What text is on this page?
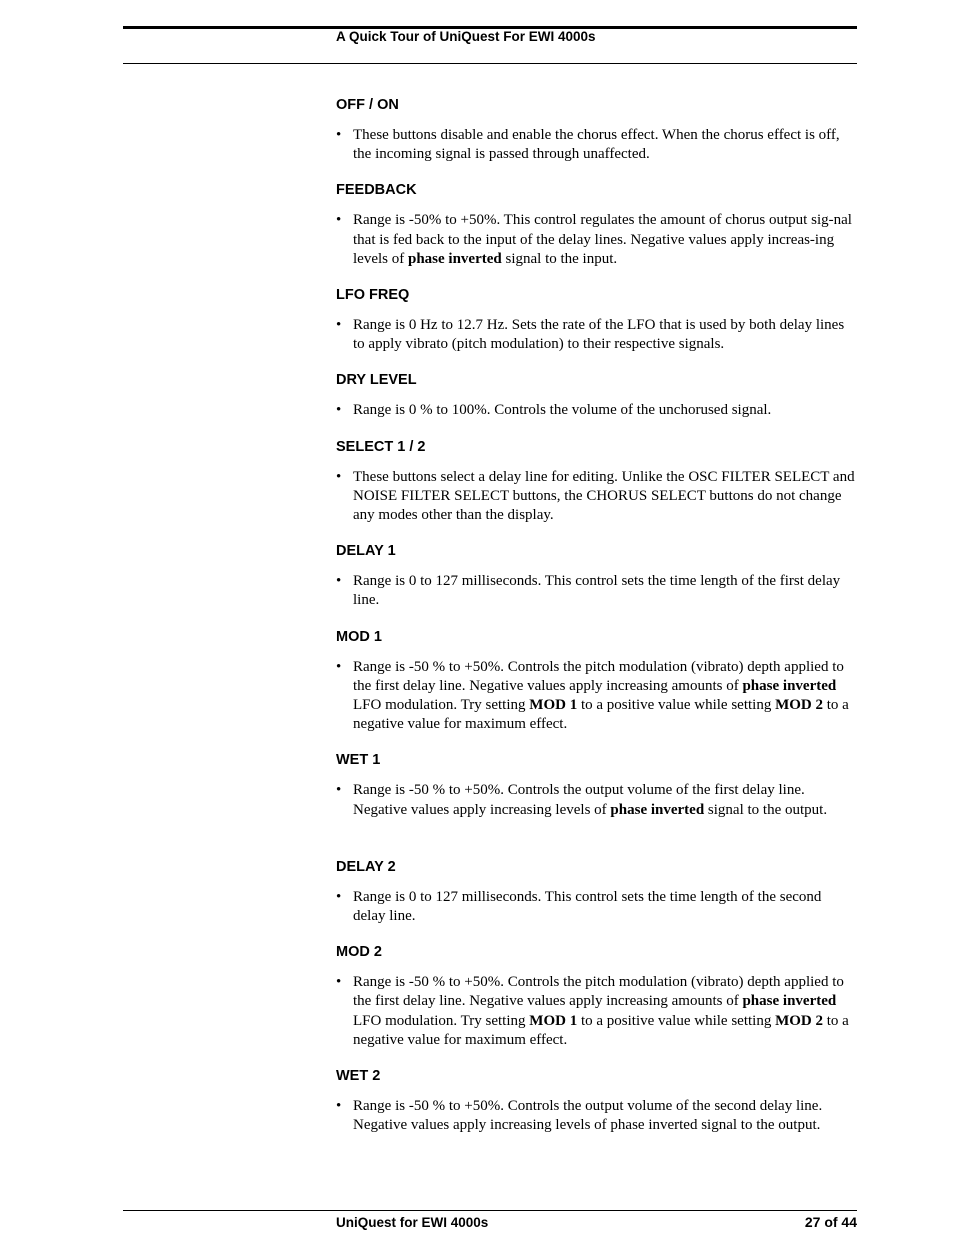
A Quick Tour of UniQuest For EWI 4000s
OFF / ON
• These buttons disable and enable the chorus effect. When the chorus effect is off, the incoming signal is passed through unaffected.
FEEDBACK
• Range is -50% to +50%. This control regulates the amount of chorus output sig-nal that is fed back to the input of the delay lines. Negative values apply increas-ing levels of phase inverted signal to the input.
LFO FREQ
• Range is 0 Hz to 12.7 Hz. Sets the rate of the LFO that is used by both delay lines to apply vibrato (pitch modulation) to their respective signals.
DRY LEVEL
• Range is 0 % to 100%. Controls the volume of the unchorused signal.
SELECT 1 / 2
• These buttons select a delay line for editing. Unlike the OSC FILTER SELECT and NOISE FILTER SELECT buttons, the CHORUS SELECT buttons do not change any modes other than the display.
DELAY 1
• Range is 0 to 127 milliseconds. This control sets the time length of the first delay line.
MOD 1
• Range is -50 % to +50%. Controls the pitch modulation (vibrato) depth applied to the first delay line. Negative values apply increasing amounts of phase inverted LFO modulation. Try setting MOD 1 to a positive value while setting MOD 2 to a negative value for maximum effect.
WET 1
• Range is -50 % to +50%. Controls the output volume of the first delay line. Negative values apply increasing levels of phase inverted signal to the output.
DELAY 2
• Range is 0 to 127 milliseconds. This control sets the time length of the second delay line.
MOD 2
• Range is -50 % to +50%. Controls the pitch modulation (vibrato) depth applied to the first delay line. Negative values apply increasing amounts of phase inverted LFO modulation. Try setting MOD 1 to a positive value while setting MOD 2 to a negative value for maximum effect.
WET 2
• Range is -50 % to +50%. Controls the output volume of the second delay line. Negative values apply increasing levels of phase inverted signal to the output.
UniQuest for EWI 4000s	27 of 44
